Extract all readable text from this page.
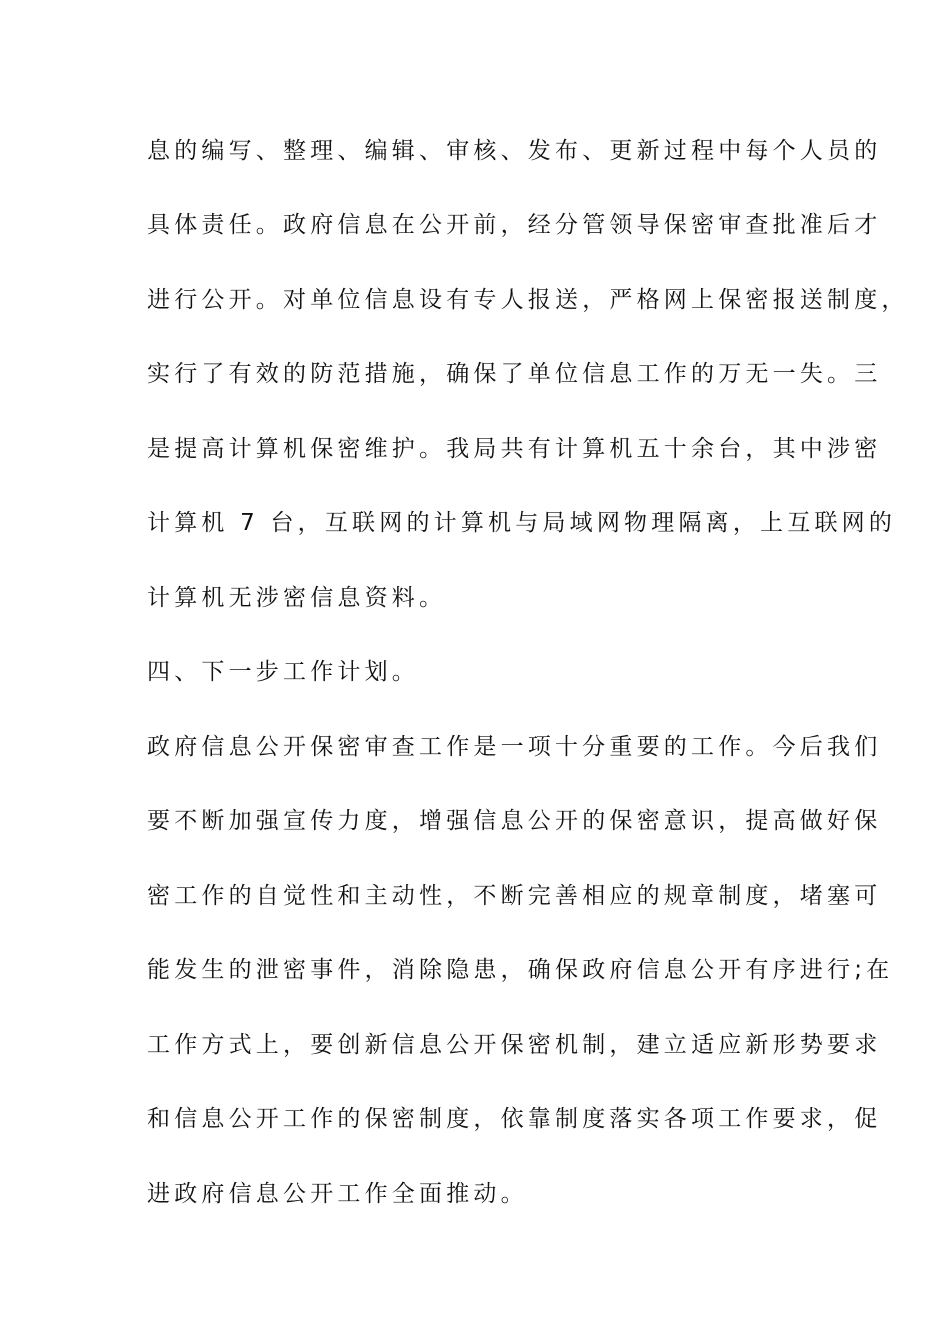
息的编写、整理、编辑、审核、发布、更新过程中每个人员的
具体责任。政府信息在公开前，经分管领导保密审查批准后才
进行公开。对单位信息设有专人报送，严格网上保密报送制度，
实行了有效的防范措施，确保了单位信息工作的万无一失。三
是提高计算机保密维护。我局共有计算机五十余台，其中涉密
计算机 7 台，互联网的计算机与局域网物理隔离，上互联网的
计算机无涉密信息资料。
四、下一步工作计划。
政府信息公开保密审查工作是一项十分重要的工作。今后我们
要不断加强宣传力度，增强信息公开的保密意识，提高做好保
密工作的自觉性和主动性，不断完善相应的规章制度，堵塞可
能发生的泄密事件，消除隐患，确保政府信息公开有序进行;在
工作方式上，要创新信息公开保密机制，建立适应新形势要求
和信息公开工作的保密制度，依靠制度落实各项工作要求，促
进政府信息公开工作全面推动。
